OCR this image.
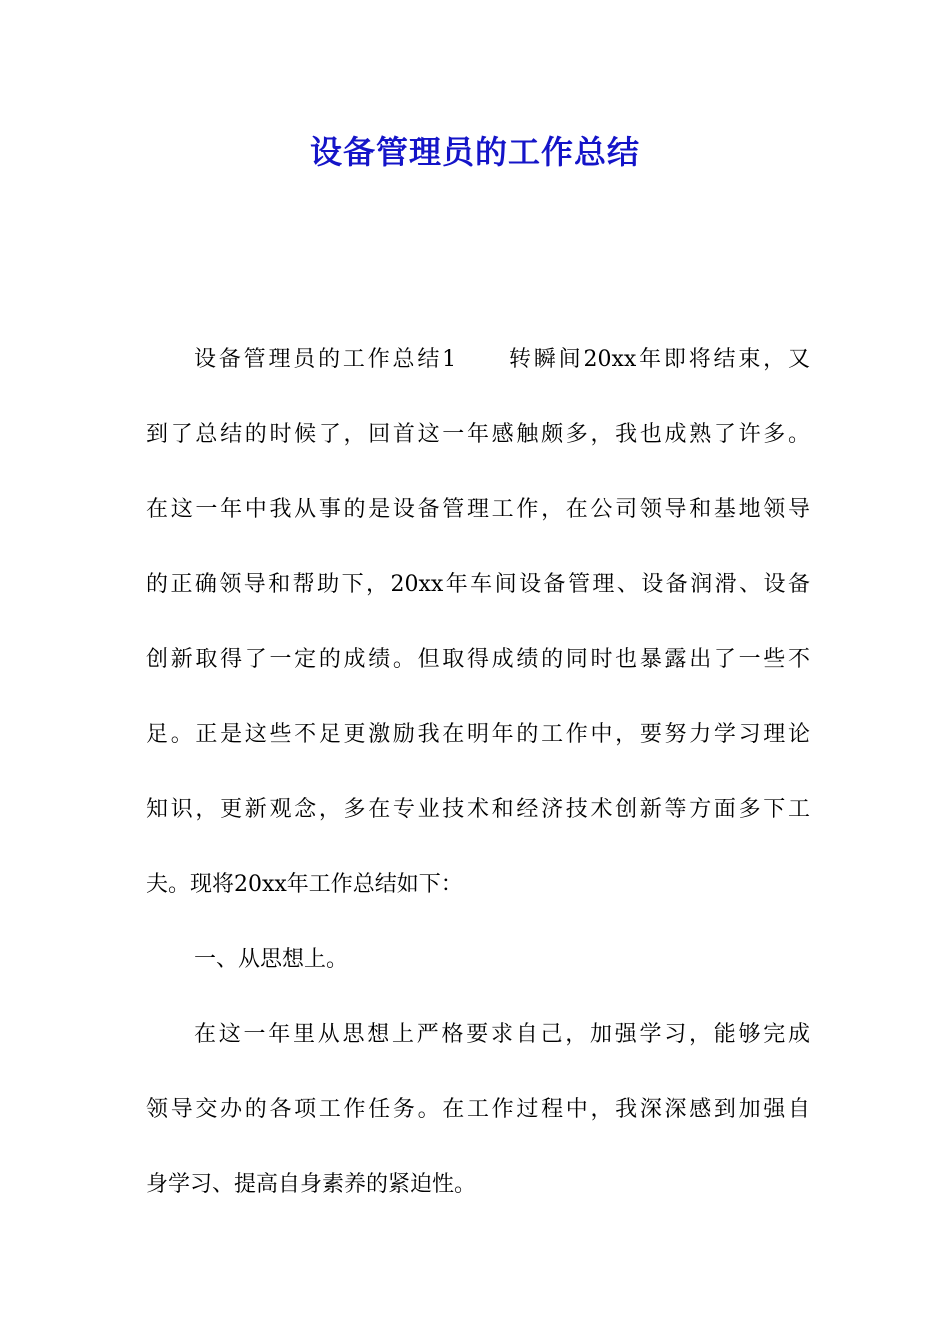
设备管理员的工作总结
设备管理员的工作总结1 转瞬间20xx年即将结束，又
到了总结的时候了，回首这一年感触颇多，我也成熟了许多。
在这一年中我从事的是设备管理工作，在公司领导和基地领导
的正确领导和帮助下，20xx年车间设备管理、设备润滑、设备
创新取得了一定的成绩。但取得成绩的同时也暴露出了一些不
足。正是这些不足更激励我在明年的工作中，要努力学习理论
知识，更新观念，多在专业技术和经济技术创新等方面多下工
夫。现将20xx年工作总结如下：
一、从思想上。
在这一年里从思想上严格要求自己，加强学习，能够完成
领导交办的各项工作任务。在工作过程中，我深深感到加强自
身学习、提高自身素养的紧迫性。
